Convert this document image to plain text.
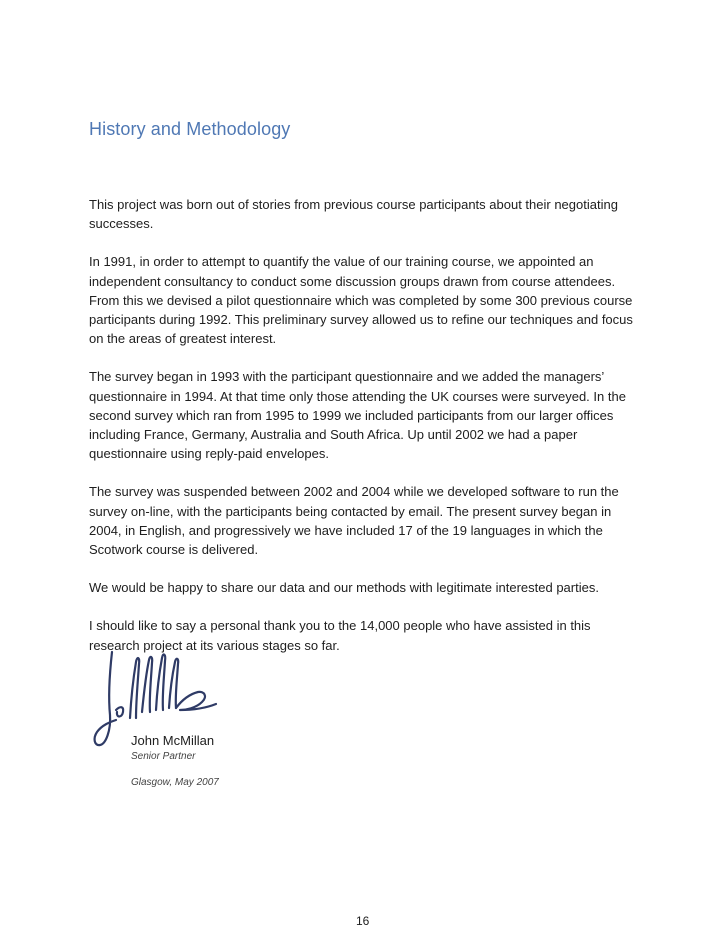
History and Methodology

This project was born out of stories from previous course participants about their negotiating successes.

In 1991, in order to attempt to quantify the value of our training course, we appointed an independent consultancy to conduct some discussion groups drawn from course attendees. From this we devised a pilot questionnaire which was completed by some 300 previous course participants during 1992. This preliminary survey allowed us to refine our techniques and focus on the areas of greatest interest.

The survey began in 1993 with the participant questionnaire and we added the managers’ questionnaire in 1994. At that time only those attending the UK courses were surveyed. In the second survey which ran from 1995 to 1999 we included participants from our larger offices including France, Germany, Australia and South Africa. Up until 2002 we had a paper questionnaire using reply-paid envelopes.

The survey was suspended between 2002 and 2004 while we developed software to run the survey on-line, with the participants being contacted by email. The present survey began in 2004, in English, and progressively we have included 17 of the 19 languages in which the Scotwork course is delivered.

We would be happy to share our data and our methods with legitimate interested parties.

I should like to say a personal thank you to the 14,000 people who have assisted in this research project at its various stages so far.

John McMillan
Senior Partner
Glasgow, May 2007
16
